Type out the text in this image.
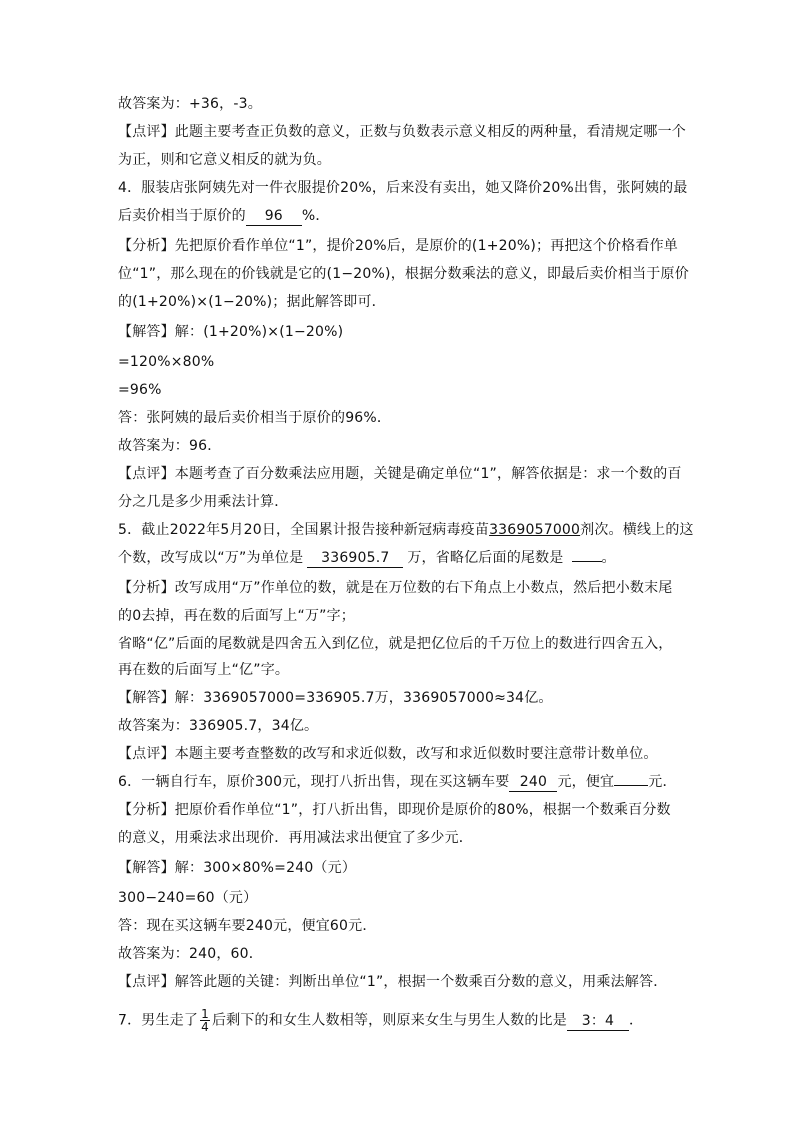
故答案为：+36，-3。
【点评】此题主要考查正负数的意义，正数与负数表示意义相反的两种量，看清规定哪一个
为正，则和它意义相反的就为负。
4．服装店张阿姨先对一件衣服提价20%，后来没有卖出，她又降价20%出售，张阿姨的最
后卖价相当于原价的 96 %．
【分析】先把原价看作单位“1”，提价20%后，是原价的(1+20%)；再把这个价格看作单
位“1”，那么现在的价钱就是它的(1−20%)，根据分数乘法的意义，即最后卖价相当于原价
的(1+20%)×(1−20%)；据此解答即可．
【解答】解：(1+20%)×(1−20%)
=120%×80%
=96%
答：张阿姨的最后卖价相当于原价的96%．
故答案为：96．
【点评】本题考查了百分数乘法应用题，关键是确定单位“1”，解答依据是：求一个数的百
分之几是多少用乘法计算．
5．截止2022年5月20日，全国累计报告接种新冠病毒疫苗3369057000剂次。横线上的这
个数，改写成以“万”为单位是 336905.7 万，省略亿后面的尾数是	。
【分析】改写成用“万”作单位的数，就是在万位数的右下角点上小数点，然后把小数末尾
的0去掉，再在数的后面写上“万”字；
省略“亿”后面的尾数就是四舍五入到亿位，就是把亿位后的千万位上的数进行四舍五入，
再在数的后面写上“亿”字。
【解答】解：3369057000=336905.7万，3369057000≈34亿。
故答案为：336905.7，34亿。
【点评】本题主要考查整数的改写和求近似数，改写和求近似数时要注意带计数单位。
6．一辆自行车，原价300元，现打八折出售，现在买这辆车要 240 元，便宜 元．
【分析】把原价看作单位“1”，打八折出售，即现价是原价的80%，根据一个数乘百分数
的意义，用乘法求出现价．再用减法求出便宜了多少元．
【解答】解：300×80%=240（元）
300−240=60（元）
答：现在买这辆车要240元，便宜60元．
故答案为：240，60．
【点评】解答此题的关键：判断出单位“1”，根据一个数乘百分数的意义，用乘法解答．
7．男生走了 $\frac{1}{4}$ 后剩下的和女生人数相等，则原来女生与男生人数的比是 3：4 ．
